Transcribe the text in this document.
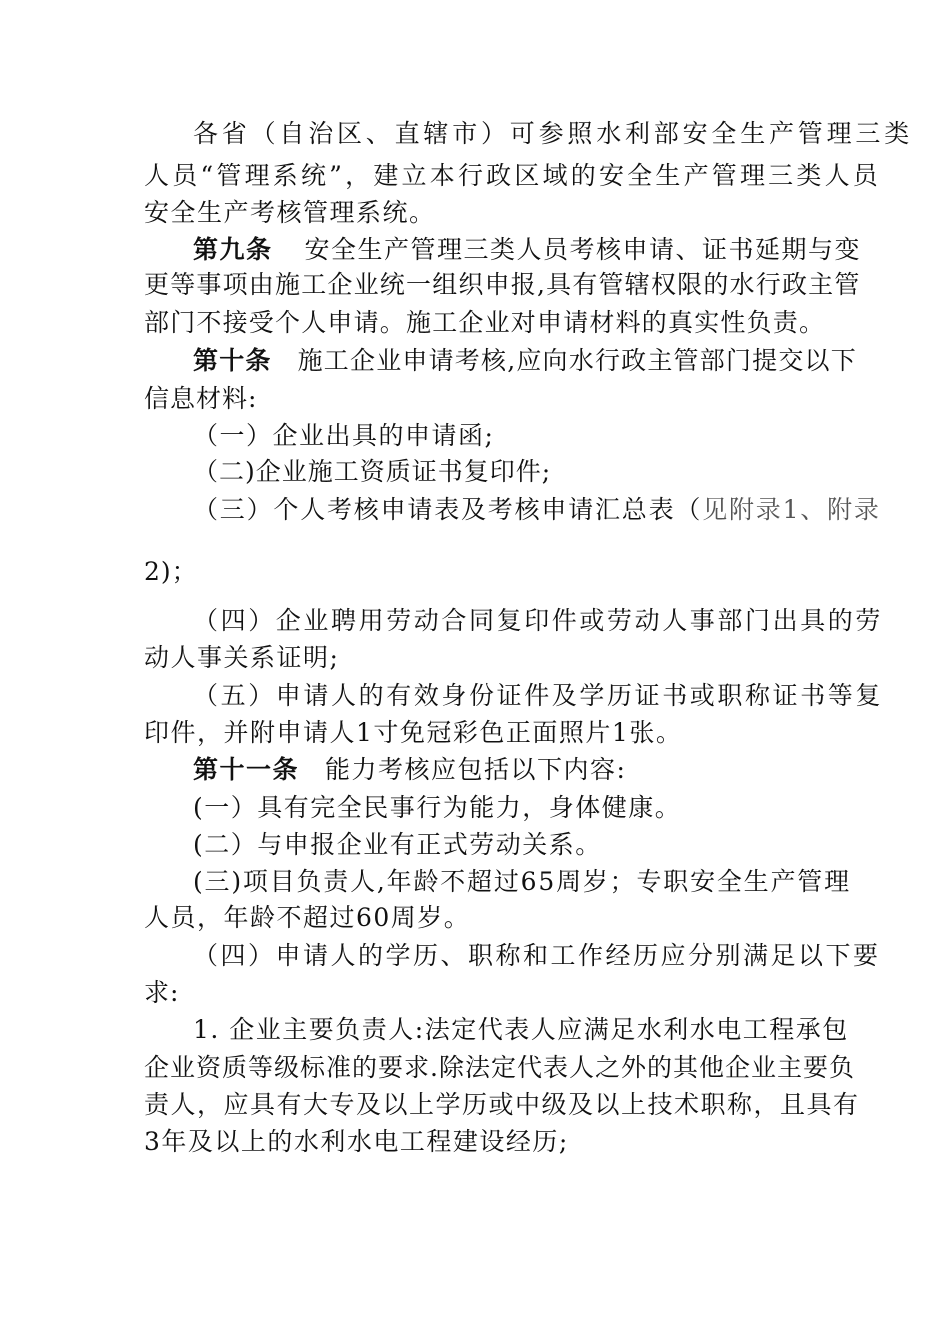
各省（自治区、直辖市）可参照水利部安全生产管理三类
人员“管理系统”，建立本行政区域的安全生产管理三类人员
安全生产考核管理系统。
第九条 安全生产管理三类人员考核申请、证书延期与变
更等事项由施工企业统一组织申报,具有管辖权限的水行政主管
部门不接受个人申请。施工企业对申请材料的真实性负责。
第十条 施工企业申请考核,应向水行政主管部门提交以下
信息材料:
（一）企业出具的申请函;
（二)企业施工资质证书复印件;
（三）个人考核申请表及考核申请汇总表（见附录1、附录
2)；
（四）企业聘用劳动合同复印件或劳动人事部门出具的劳
动人事关系证明;
（五）申请人的有效身份证件及学历证书或职称证书等复
印件，并附申请人1寸免冠彩色正面照片1张。
第十一条 能力考核应包括以下内容:
(一）具有完全民事行为能力，身体健康。
(二）与申报企业有正式劳动关系。
(三)项目负责人,年龄不超过65周岁；专职安全生产管理
人员，年龄不超过60周岁。
（四）申请人的学历、职称和工作经历应分别满足以下要
求:
1. 企业主要负责人:法定代表人应满足水利水电工程承包
企业资质等级标准的要求.除法定代表人之外的其他企业主要负
责人，应具有大专及以上学历或中级及以上技术职称，且具有
3年及以上的水利水电工程建设经历;
